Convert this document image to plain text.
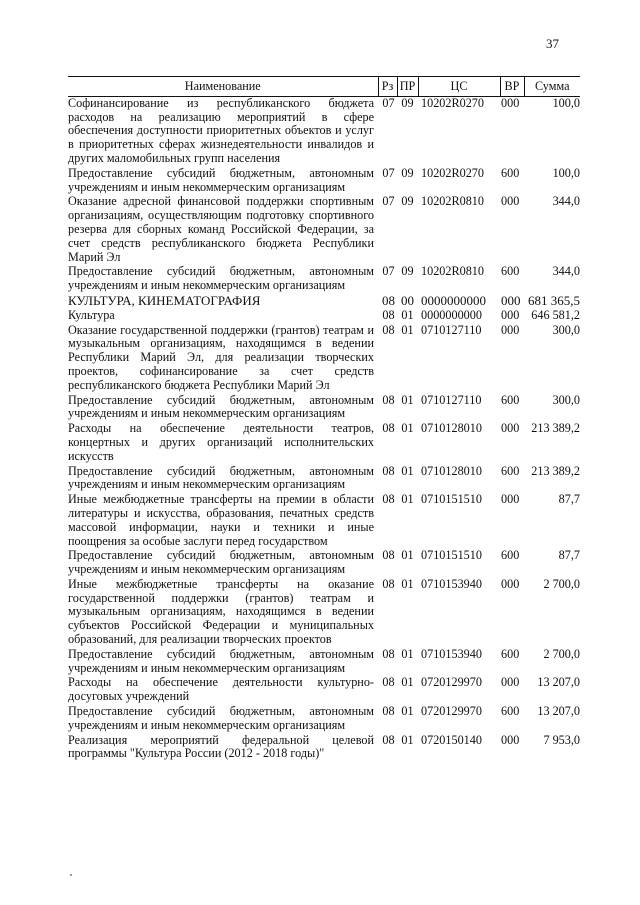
37
Наименование	Рз	ПР	ЦС	ВР	Сумма
Софинансирование из республиканского бюджета расходов на реализацию мероприятий в сфере обеспечения доступности приоритетных объектов и услуг в приоритетных сферах жизнедеятельности инвалидов и других маломобильных групп населения	07	09	10202R0270	000	100,0
Предоставление субсидий бюджетным, автономным учреждениям и иным некоммерческим организациям	07	09	10202R0270	600	100,0
Оказание адресной финансовой поддержки спортивным организациям, осуществляющим подготовку спортивного резерва для сборных команд Российской Федерации, за счет средств республиканского бюджета Республики Марий Эл	07	09	10202R0810	000	344,0
Предоставление субсидий бюджетным, автономным учреждениям и иным некоммерческим организациям	07	09	10202R0810	600	344,0
КУЛЬТУРА, КИНЕМАТОГРАФИЯ	08	00	0000000000	000	681 365,5
Культура	08	01	0000000000	000	646 581,2
Оказание государственной поддержки (грантов) театрам и музыкальным организациям, находящимся в ведении Республики Марий Эл, для реализации творческих проектов, софинансирование за счет средств республиканского бюджета Республики Марий Эл	08	01	0710127110	000	300,0
Предоставление субсидий бюджетным, автономным учреждениям и иным некоммерческим организациям	08	01	0710127110	600	300,0
Расходы на обеспечение деятельности театров, концертных и других организаций исполнительских искусств	08	01	0710128010	000	213 389,2
Предоставление субсидий бюджетным, автономным учреждениям и иным некоммерческим организациям	08	01	0710128010	600	213 389,2
Иные межбюджетные трансферты на премии в области литературы и искусства, образования, печатных средств массовой информации, науки и техники и иные поощрения за особые заслуги перед государством	08	01	0710151510	000	87,7
Предоставление субсидий бюджетным, автономным учреждениям и иным некоммерческим организациям	08	01	0710151510	600	87,7
Иные межбюджетные трансферты на оказание государственной поддержки (грантов) театрам и музыкальным организациям, находящимся в ведении субъектов Российской Федерации и муниципальных образований, для реализации творческих проектов	08	01	0710153940	000	2 700,0
Предоставление субсидий бюджетным, автономным учреждениям и иным некоммерческим организациям	08	01	0710153940	600	2 700,0
Расходы на обеспечение деятельности культурно-досуговых учреждений	08	01	0720129970	000	13 207,0
Предоставление субсидий бюджетным, автономным учреждениям и иным некоммерческим организациям	08	01	0720129970	600	13 207,0
Реализация мероприятий федеральной целевой программы "Культура России (2012 - 2018 годы)"	08	01	0720150140	000	7 953,0
